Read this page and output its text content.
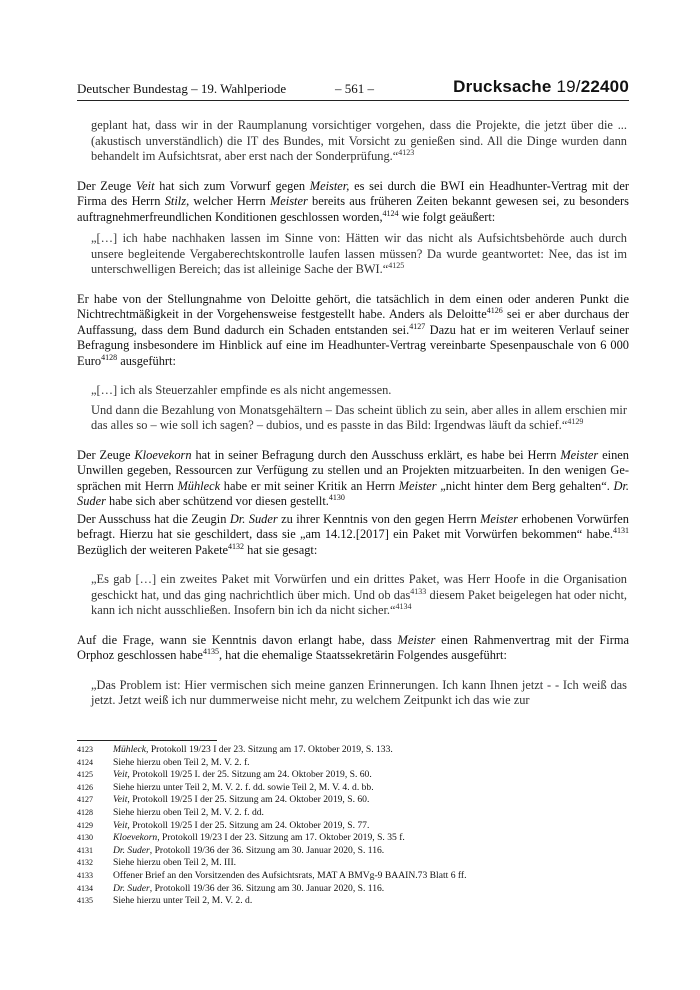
Deutscher Bundestag – 19. Wahlperiode	– 561 –	Drucksache 19/22400

geplant hat, dass wir in der Raumplanung vorsichtiger vorgehen, dass die Projekte, die jetzt über die ... (akustisch unverständlich) die IT des Bundes, mit Vorsicht zu genießen sind. All die Dinge wurden dann behandelt im Aufsichtsrat, aber erst nach der Sonderprüfung.“$^{4123}$

Der Zeuge Veit hat sich zum Vorwurf gegen Meister, es sei durch die BWI ein Headhunter-Vertrag mit der Firma des Herrn Stilz, welcher Herrn Meister bereits aus früheren Zeiten bekannt gewesen sei, zu besonders auftragnehmerfreundlichen Konditionen geschlossen worden,$^{4124}$ wie folgt geäußert:

„[…] ich habe nachhaken lassen im Sinne von: Hätten wir das nicht als Aufsichtsbehörde auch durch unsere begleitende Vergaberechtskontrolle laufen lassen müssen? Da wurde geantwortet: Nee, das ist im unterschwelligen Bereich; das ist alleinige Sache der BWI.“$^{4125}$

Er habe von der Stellungnahme von Deloitte gehört, die tatsächlich in dem einen oder anderen Punkt die Nichtrechtmäßigkeit in der Vorgehensweise festgestellt habe. Anders als Deloitte$^{4126}$ sei er aber durchaus der Auffassung, dass dem Bund dadurch ein Schaden entstanden sei.$^{4127}$ Dazu hat er im weiteren Verlauf seiner Befragung insbesondere im Hinblick auf eine im Headhunter-Vertrag vereinbarte Spesenpauschale von 6 000 Euro$^{4128}$ ausgeführt:

„[…] ich als Steuerzahler empfinde es als nicht angemessen.

Und dann die Bezahlung von Monatsgehältern – Das scheint üblich zu sein, aber alles in allem erschien mir das alles so – wie soll ich sagen? – dubios, und es passte in das Bild: Irgendwas läuft da schief.“$^{4129}$

Der Zeuge Kloevekorn hat in seiner Befragung durch den Ausschuss erklärt, es habe bei Herrn Meister einen Unwillen gegeben, Ressourcen zur Verfügung zu stellen und an Projekten mitzuarbeiten. In den wenigen Gesprächen mit Herrn Mühleck habe er mit seiner Kritik an Herrn Meister „nicht hinter dem Berg gehalten“. Dr. Suder habe sich aber schützend vor diesen gestellt.$^{4130}$

Der Ausschuss hat die Zeugin Dr. Suder zu ihrer Kenntnis von den gegen Herrn Meister erhobenen Vorwürfen befragt. Hierzu hat sie geschildert, dass sie „am 14.12.[2017] ein Paket mit Vorwürfen bekommen“ habe.$^{4131}$ Bezüglich der weiteren Pakete$^{4132}$ hat sie gesagt:

„Es gab […] ein zweites Paket mit Vorwürfen und ein drittes Paket, was Herr Hoofe in die Organisation geschickt hat, und das ging nachrichtlich über mich. Und ob das$^{4133}$ diesem Paket beigelegen hat oder nicht, kann ich nicht ausschließen. Insofern bin ich da nicht sicher.“$^{4134}$

Auf die Frage, wann sie Kenntnis davon erlangt habe, dass Meister einen Rahmenvertrag mit der Firma Orphoz geschlossen habe$^{4135}$, hat die ehemalige Staatssekretärin Folgendes ausgeführt:

„Das Problem ist: Hier vermischen sich meine ganzen Erinnerungen. Ich kann Ihnen jetzt - - Ich weiß das jetzt. Jetzt weiß ich nur dummerweise nicht mehr, zu welchem Zeitpunkt ich das wie zur

4123	Mühleck, Protokoll 19/23 I der 23. Sitzung am 17. Oktober 2019, S. 133.
4124	Siehe hierzu oben Teil 2, M. V. 2. f.
4125	Veit, Protokoll 19/25 I. der 25. Sitzung am 24. Oktober 2019, S. 60.
4126	Siehe hierzu unter Teil 2, M. V. 2. f. dd. sowie Teil 2, M. V. 4. d. bb.
4127	Veit, Protokoll 19/25 I der 25. Sitzung am 24. Oktober 2019, S. 60.
4128	Siehe hierzu oben Teil 2, M. V. 2. f. dd.
4129	Veit, Protokoll 19/25 I der 25. Sitzung am 24. Oktober 2019, S. 77.
4130	Kloevekorn, Protokoll 19/23 I der 23. Sitzung am 17. Oktober 2019, S. 35 f.
4131	Dr. Suder, Protokoll 19/36 der 36. Sitzung am 30. Januar 2020, S. 116.
4132	Siehe hierzu oben Teil 2, M. III.
4133	Offener Brief an den Vorsitzenden des Aufsichtsrats, MAT A BMVg-9 BAAIN.73 Blatt 6 ff.
4134	Dr. Suder, Protokoll 19/36 der 36. Sitzung am 30. Januar 2020, S. 116.
4135	Siehe hierzu unter Teil 2, M. V. 2. d.
